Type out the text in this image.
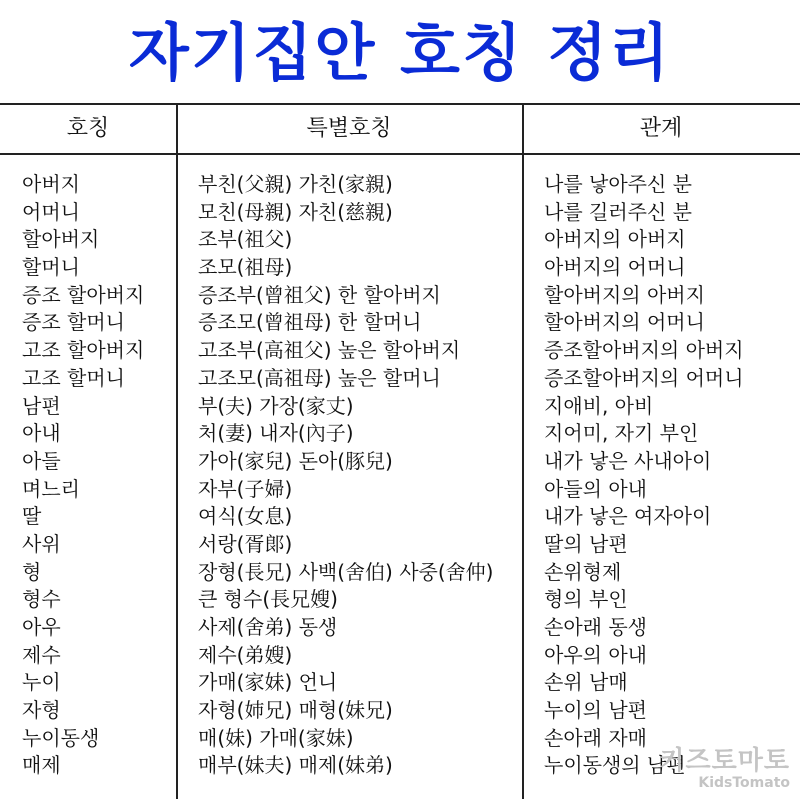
자기집안 호칭 정리
호칭	특별호칭	관계
아버지
어머니
할아버지
할머니
증조 할아버지
증조 할머니
고조 할아버지
고조 할머니
남편
아내
아들
며느리
딸
사위
형
형수
아우
제수
누이
자형
누이동생
매제
부친(父親) 가친(家親)
모친(母親) 자친(慈親)
조부(祖父)
조모(祖母)
증조부(曾祖父) 한 할아버지
증조모(曾祖母) 한 할머니
고조부(高祖父) 높은 할아버지
고조모(高祖母) 높은 할머니
부(夫) 가장(家丈)
처(妻) 내자(內子)
가아(家兒) 돈아(豚兒)
자부(子婦)
여식(女息)
서랑(胥郞)
장형(長兄) 사백(舍伯) 사중(舍仲)
큰 형수(長兄嫂)
사제(舍弟) 동생
제수(弟嫂)
가매(家妹) 언니
자형(姉兄) 매형(妹兄)
매(妹) 가매(家妹)
매부(妹夫) 매제(妹弟)
나를 낳아주신 분
나를 길러주신 분
아버지의 아버지
아버지의 어머니
할아버지의 아버지
할아버지의 어머니
증조할아버지의 아버지
증조할아버지의 어머니
지애비, 아비
지어미, 자기 부인
내가 낳은 사내아이
아들의 아내
내가 낳은 여자아이
딸의 남편
손위형제
형의 부인
손아래 동생
아우의 아내
손위 남매
누이의 남편
손아래 자매
누이동생의 남편
키즈토마토
KidsTomato
